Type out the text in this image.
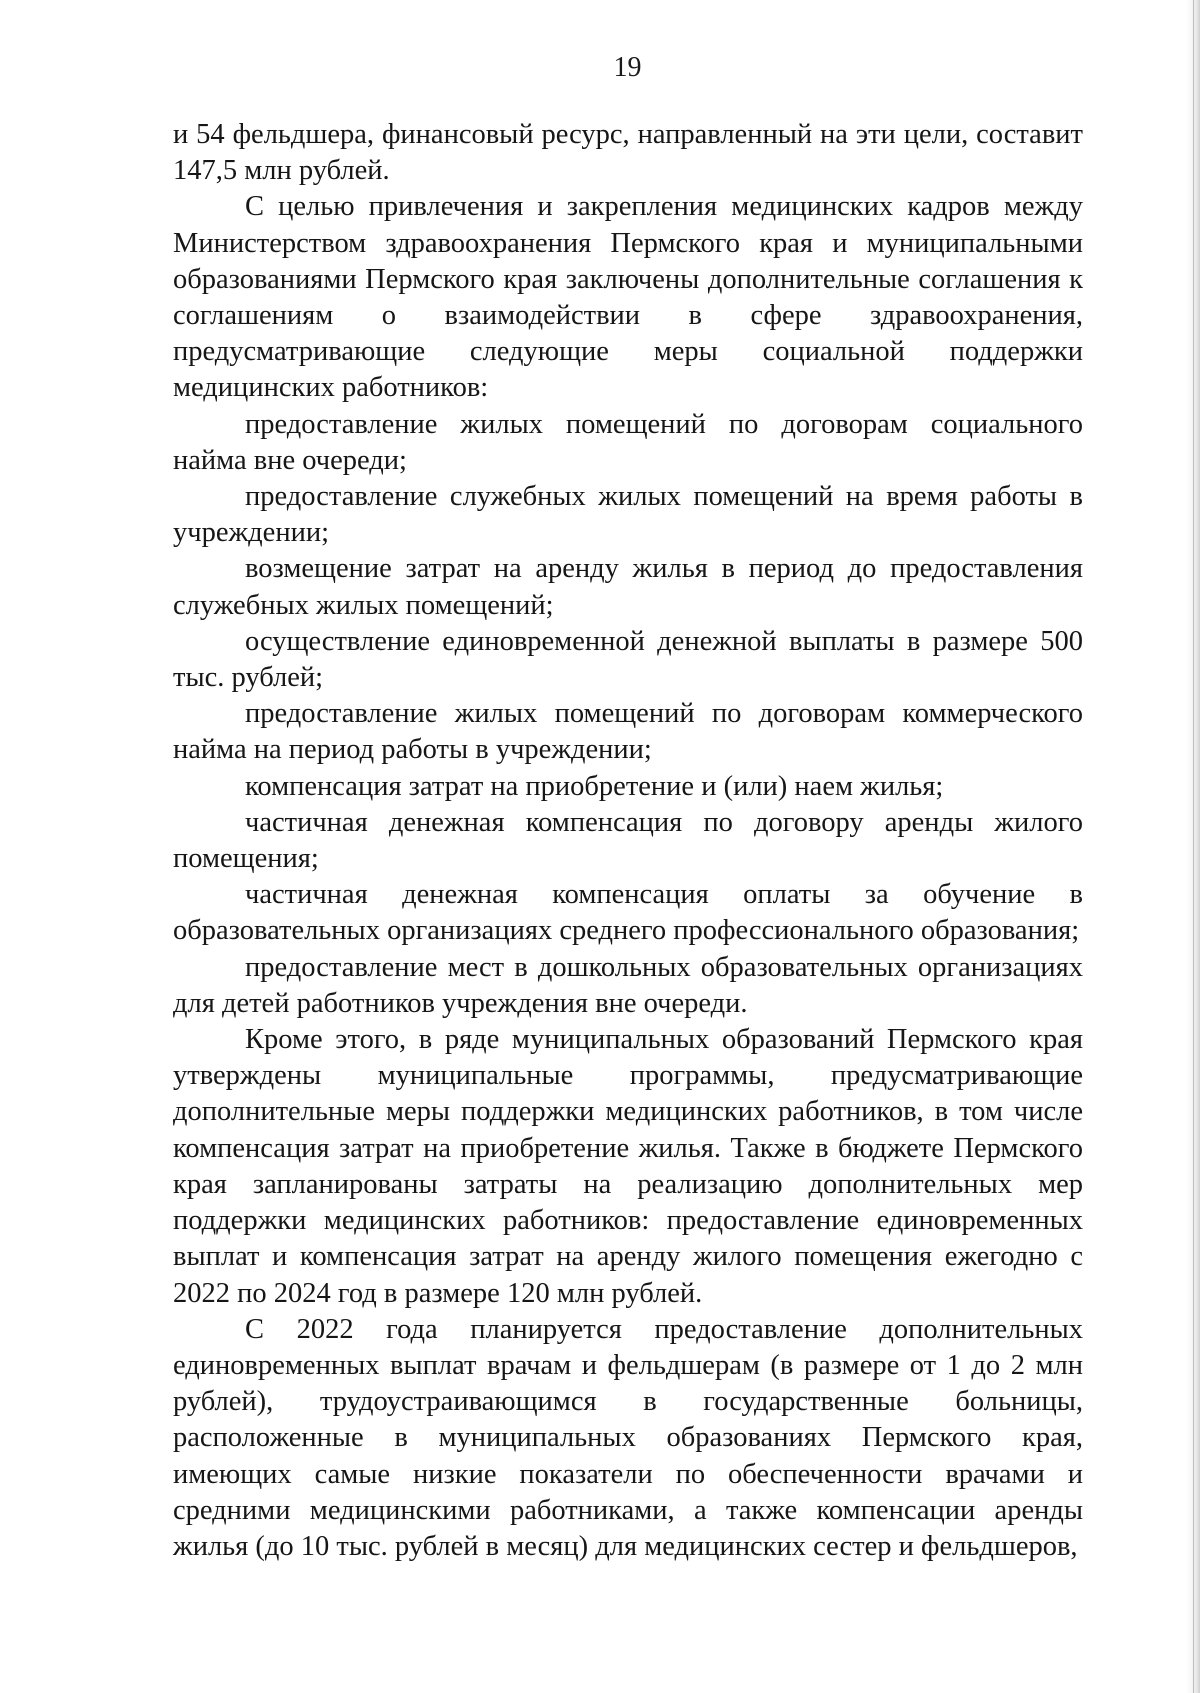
19

и 54 фельдшера, финансовый ресурс, направленный на эти цели, составит 147,5 млн рублей.

С целью привлечения и закрепления медицинских кадров между Министерством здравоохранения Пермского края и муниципальными образованиями Пермского края заключены дополнительные соглашения к соглашениям о взаимодействии в сфере здравоохранения, предусматривающие следующие меры социальной поддержки медицинских работников:

предоставление жилых помещений по договорам социального найма вне очереди;

предоставление служебных жилых помещений на время работы в учреждении;

возмещение затрат на аренду жилья в период до предоставления служебных жилых помещений;

осуществление единовременной денежной выплаты в размере 500 тыс. рублей;

предоставление жилых помещений по договорам коммерческого найма на период работы в учреждении;

компенсация затрат на приобретение и (или) наем жилья;

частичная денежная компенсация по договору аренды жилого помещения;

частичная денежная компенсация оплаты за обучение в образовательных организациях среднего профессионального образования;

предоставление мест в дошкольных образовательных организациях для детей работников учреждения вне очереди.

Кроме этого, в ряде муниципальных образований Пермского края утверждены муниципальные программы, предусматривающие дополнительные меры поддержки медицинских работников, в том числе компенсация затрат на приобретение жилья. Также в бюджете Пермского края запланированы затраты на реализацию дополнительных мер поддержки медицинских работников: предоставление единовременных выплат и компенсация затрат на аренду жилого помещения ежегодно с 2022 по 2024 год в размере 120 млн рублей.

С 2022 года планируется предоставление дополнительных единовременных выплат врачам и фельдшерам (в размере от 1 до 2 млн рублей), трудоустраивающимся в государственные больницы, расположенные в муниципальных образованиях Пермского края, имеющих самые низкие показатели по обеспеченности врачами и средними медицинскими работниками, а также компенсации аренды жилья (до 10 тыс. рублей в месяц) для медицинских сестер и фельдшеров,
